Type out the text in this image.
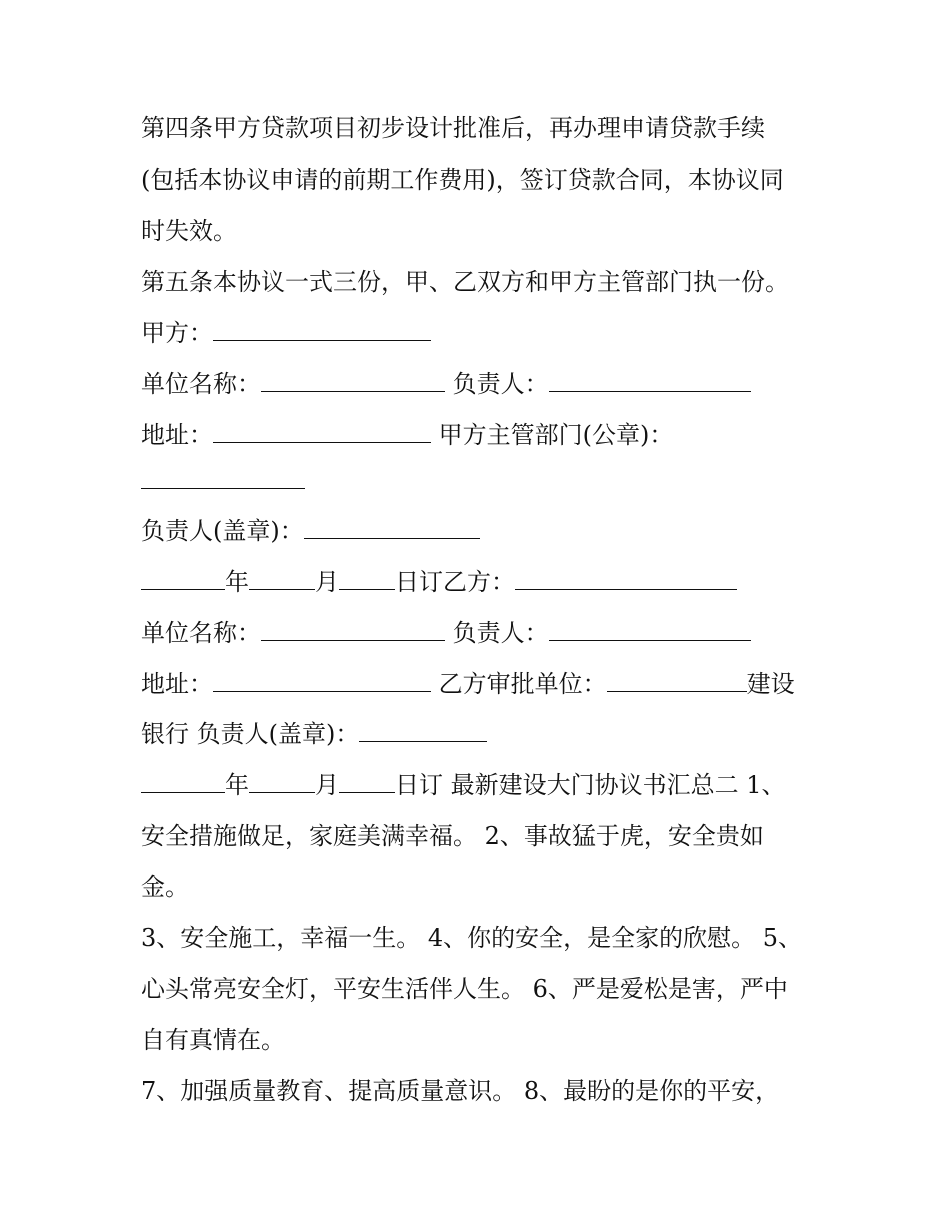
第四条甲方贷款项目初步设计批准后，再办理申请贷款手续
(包括本协议申请的前期工作费用)，签订贷款合同，本协议同
时失效。
第五条本协议一式三份，甲、乙双方和甲方主管部门执一份。
甲方：
单位名称：	负责人：
地址：	甲方主管部门(公章)：
负责人(盖章)：
年	月 日订乙方：
单位名称：	负责人：
地址：	乙方审批单位：	建设
银行 负责人(盖章)：
年	月 日订 最新建设大门协议书汇总二 1、
安全措施做足，家庭美满幸福。 2、事故猛于虎，安全贵如
金。
3、安全施工，幸福一生。 4、你的安全，是全家的欣慰。 5、
心头常亮安全灯，平安生活伴人生。 6、严是爱松是害，严中
自有真情在。
7、加强质量教育、提高质量意识。 8、最盼的是你的平安，
